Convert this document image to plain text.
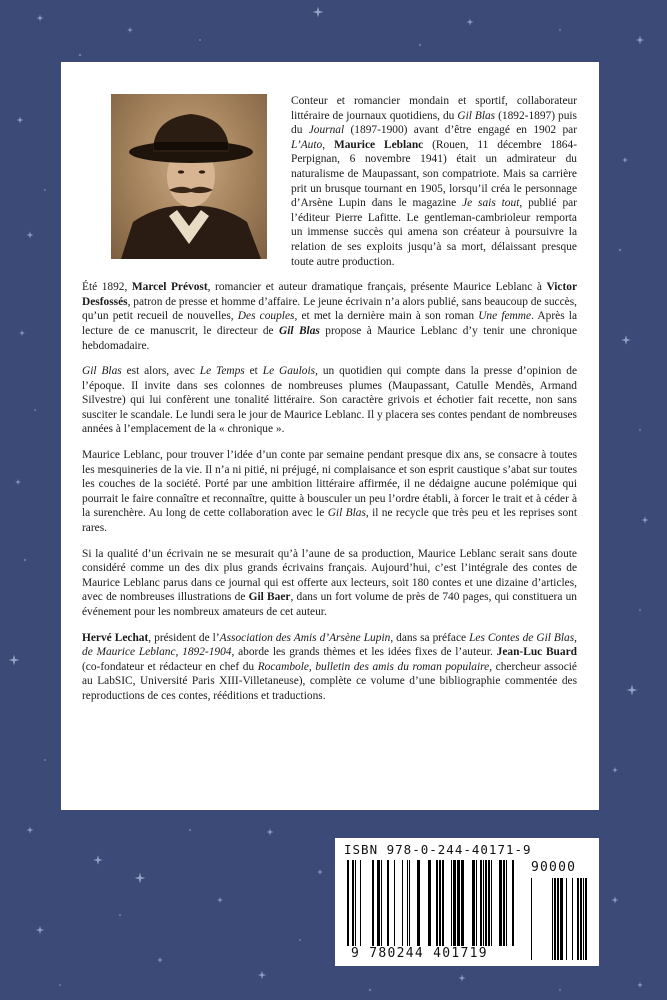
Conteur et romancier mondain et sportif, collaborateur littéraire de journaux quotidiens, du Gil Blas (1892-1897) puis du Journal (1897-1900) avant d’être engagé en 1902 par L’Auto, Maurice Leblanc (Rouen, 11 décembre 1864-Perpignan, 6 novembre 1941) était un admirateur du naturalisme de Maupassant, son compatriote. Mais sa carrière prit un brusque tournant en 1905, lorsqu’il créa le personnage d’Arsène Lupin dans le magazine Je sais tout, publié par l’éditeur Pierre Lafitte. Le gentleman-cambrioleur remporta un immense succès qui amena son créateur à poursuivre la relation de ses exploits jusqu’à sa mort, délaissant presque toute autre production.

Été 1892, Marcel Prévost, romancier et auteur dramatique français, présente Maurice Leblanc à Victor Desfossés, patron de presse et homme d’affaire. Le jeune écrivain n’a alors publié, sans beaucoup de succès, qu’un petit recueil de nouvelles, Des couples, et met la dernière main à son roman Une femme. Après la lecture de ce manuscrit, le directeur de Gil Blas propose à Maurice Leblanc d’y tenir une chronique hebdomadaire.

Gil Blas est alors, avec Le Temps et Le Gaulois, un quotidien qui compte dans la presse d’opinion de l’époque. Il invite dans ses colonnes de nombreuses plumes (Maupassant, Catulle Mendès, Armand Silvestre) qui lui confèrent une tonalité littéraire. Son caractère grivois et échotier fait recette, non sans susciter le scandale. Le lundi sera le jour de Maurice Leblanc. Il y placera ses contes pendant de nombreuses années à l’emplacement de la « chronique ».

Maurice Leblanc, pour trouver l’idée d’un conte par semaine pendant presque dix ans, se consacre à toutes les mesquineries de la vie. Il n’a ni pitié, ni préjugé, ni complaisance et son esprit caustique s’abat sur toutes les couches de la société. Porté par une ambition littéraire affirmée, il ne dédaigne aucune polémique qui pourrait le faire connaître et reconnaître, quitte à bousculer un peu l’ordre établi, à forcer le trait et à céder à la surenchère. Au long de cette collaboration avec le Gil Blas, il ne recycle que très peu et les reprises sont rares.

Si la qualité d’un écrivain ne se mesurait qu’à l’aune de sa production, Maurice Leblanc serait sans doute considéré comme un des dix plus grands écrivains français. Aujourd’hui, c’est l’intégrale des contes de Maurice Leblanc parus dans ce journal qui est offerte aux lecteurs, soit 180 contes et une dizaine d’articles, avec de nombreuses illustrations de Gil Baer, dans un fort volume de près de 740 pages, qui constituera un événement pour les nombreux amateurs de cet auteur.

Hervé Lechat, président de l’Association des Amis d’Arsène Lupin, dans sa préface Les Contes de Gil Blas, de Maurice Leblanc, 1892-1904, aborde les grands thèmes et les idées fixes de l’auteur. Jean-Luc Buard (co-fondateur et rédacteur en chef du Rocambole, bulletin des amis du roman populaire, chercheur associé au LabSIC, Université Paris XIII-Villetaneuse), complète ce volume d’une bibliographie commentée des reproductions de ces contes, rééditions et traductions.

ISBN 978-0-244-40171-9
90000
9 780244 401719
